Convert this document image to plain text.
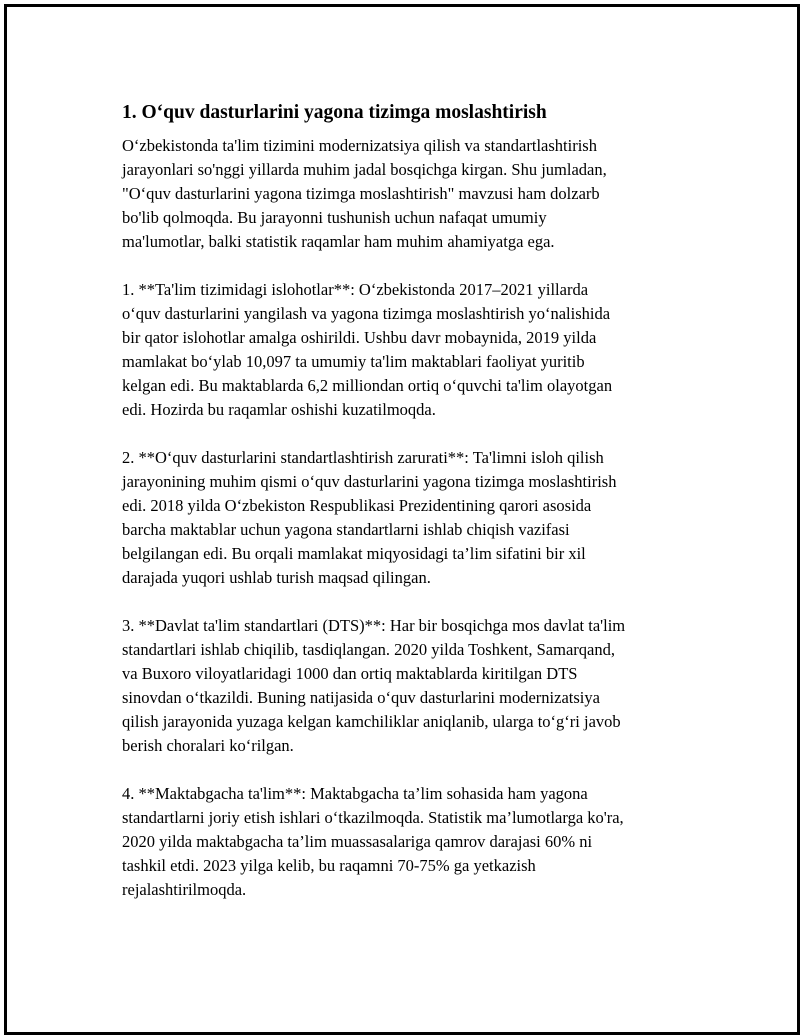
1. O‘quv dasturlarini yagona tizimga moslashtirish
O‘zbekistonda ta'lim tizimini modernizatsiya qilish va standartlashtirish
jarayonlari so'nggi yillarda muhim jadal bosqichga kirgan. Shu jumladan,
"O‘quv dasturlarini yagona tizimga moslashtirish" mavzusi ham dolzarb
bo'lib qolmoqda. Bu jarayonni tushunish uchun nafaqat umumiy
ma'lumotlar, balki statistik raqamlar ham muhim ahamiyatga ega.
1. **Ta'lim tizimidagi islohotlar**: O‘zbekistonda 2017–2021 yillarda
o‘quv dasturlarini yangilash va yagona tizimga moslashtirish yo‘nalishida
bir qator islohotlar amalga oshirildi. Ushbu davr mobaynida, 2019 yilda
mamlakat bo‘ylab 10,097 ta umumiy ta'lim maktablari faoliyat yuritib
kelgan edi. Bu maktablarda 6,2 milliondan ortiq o‘quvchi ta'lim olayotgan
edi. Hozirda bu raqamlar oshishi kuzatilmoqda.
2. **O‘quv dasturlarini standartlashtirish zarurati**: Ta'limni isloh qilish
jarayonining muhim qismi o‘quv dasturlarini yagona tizimga moslashtirish
edi. 2018 yilda O‘zbekiston Respublikasi Prezidentining qarori asosida
barcha maktablar uchun yagona standartlarni ishlab chiqish vazifasi
belgilangan edi. Bu orqali mamlakat miqyosidagi ta’lim sifatini bir xil
darajada yuqori ushlab turish maqsad qilingan.
3. **Davlat ta'lim standartlari (DTS)**: Har bir bosqichga mos davlat ta'lim
standartlari ishlab chiqilib, tasdiqlangan. 2020 yilda Toshkent, Samarqand,
va Buxoro viloyatlaridagi 1000 dan ortiq maktablarda kiritilgan DTS
sinovdan o‘tkazildi. Buning natijasida o‘quv dasturlarini modernizatsiya
qilish jarayonida yuzaga kelgan kamchiliklar aniqlanib, ularga to‘g‘ri javob
berish choralari ko‘rilgan.
4. **Maktabgacha ta'lim**: Maktabgacha ta’lim sohasida ham yagona
standartlarni joriy etish ishlari o‘tkazilmoqda. Statistik ma’lumotlarga ko'ra,
2020 yilda maktabgacha ta’lim muassasalariga qamrov darajasi 60% ni
tashkil etdi. 2023 yilga kelib, bu raqamni 70-75% ga yetkazish
rejalashtirilmoqda.
